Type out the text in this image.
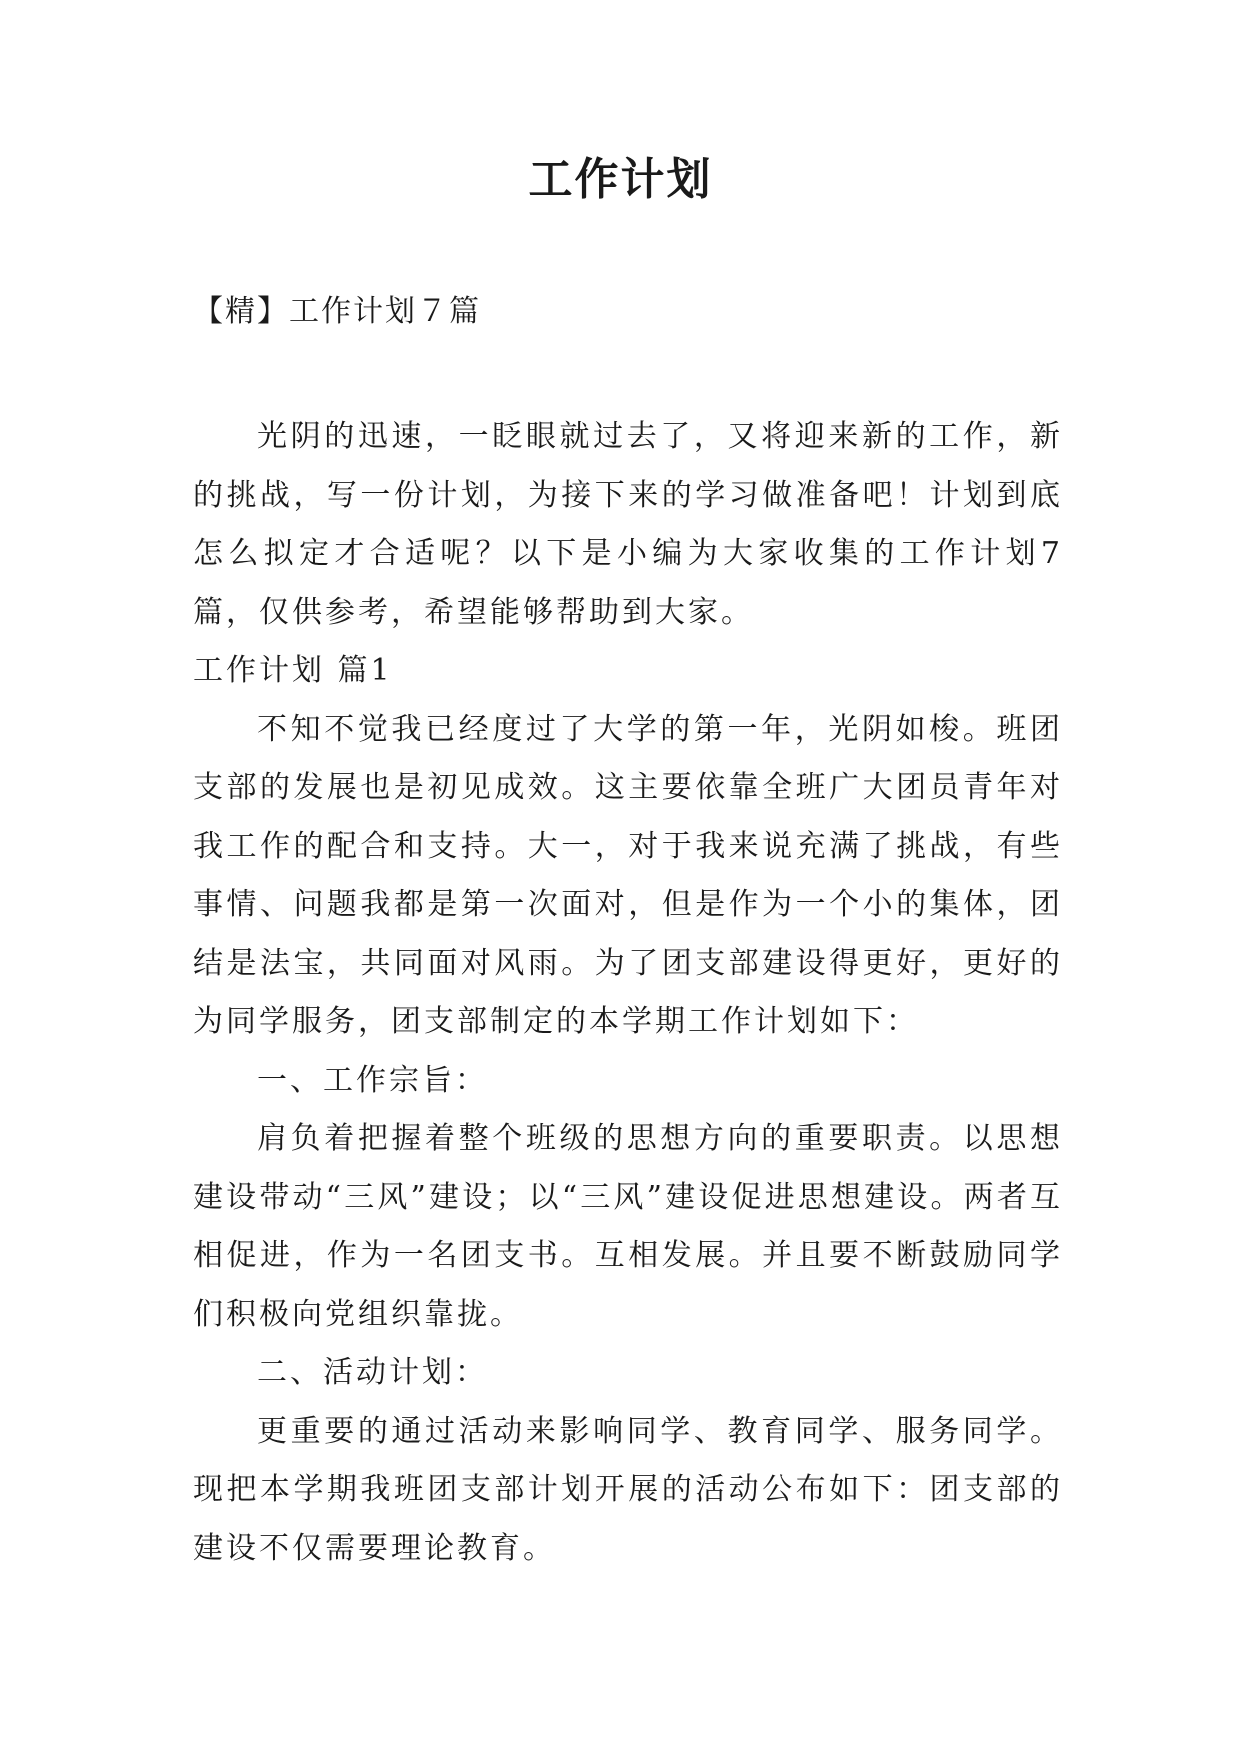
工作计划
【精】工作计划７篇

光阴的迅速，一眨眼就过去了，又将迎来新的工作，新的挑战，写一份计划，为接下来的学习做准备吧！计划到底怎么拟定才合适呢？以下是小编为大家收集的工作计划7篇，仅供参考，希望能够帮助到大家。

工作计划 篇1

不知不觉我已经度过了大学的第一年，光阴如梭。班团支部的发展也是初见成效。这主要依靠全班广大团员青年对我工作的配合和支持。大一，对于我来说充满了挑战，有些事情、问题我都是第一次面对，但是作为一个小的集体，团结是法宝，共同面对风雨。为了团支部建设得更好，更好的为同学服务，团支部制定的本学期工作计划如下：

一、工作宗旨：

肩负着把握着整个班级的思想方向的重要职责。以思想建设带动“三风”建设；以“三风”建设促进思想建设。两者互相促进，作为一名团支书。互相发展。并且要不断鼓励同学们积极向党组织靠拢。

二、活动计划：

更重要的通过活动来影响同学、教育同学、服务同学。现把本学期我班团支部计划开展的活动公布如下：团支部的建设不仅需要理论教育。
